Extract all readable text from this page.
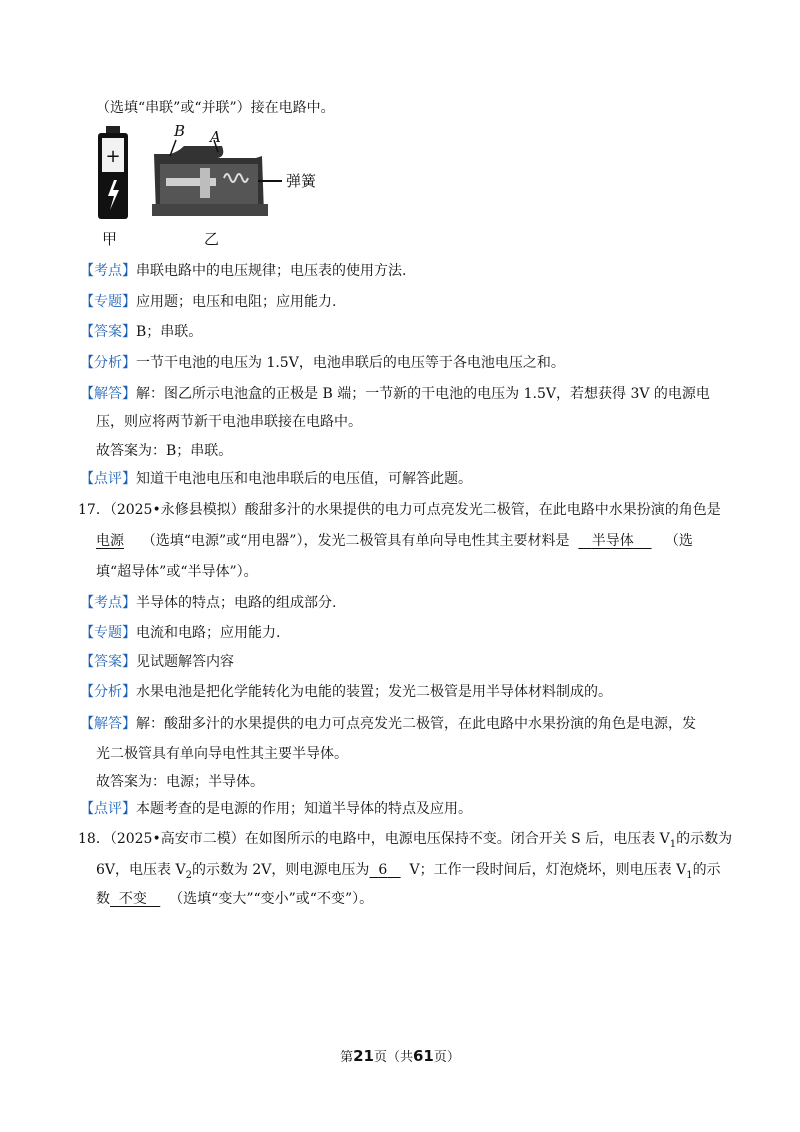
（选填“串联”或“并联”）接在电路中。
+
B A
弹簧
甲	乙
【考点】串联电路中的电压规律；电压表的使用方法.
【专题】应用题；电压和电阻；应用能力.
【答案】B；串联。
【分析】一节干电池的电压为 1.5V，电池串联后的电压等于各电池电压之和。
【解答】解：图乙所示电池盒的正极是 B 端；一节新的干电池的电压为 1.5V，若想获得 3V 的电源电
压，则应将两节新干电池串联接在电路中。
故答案为：B；串联。
【点评】知道干电池电压和电池串联后的电压值，可解答此题。
17．（2025•永修县模拟）酸甜多汁的水果提供的电力可点亮发光二极管，在此电路中水果扮演的角色是
电源 （选填“电源”或“用电器”），发光二极管具有单向导电性其主要材料是 半导体 （选
填“超导体”或“半导体”）。
【考点】半导体的特点；电路的组成部分.
【专题】电流和电路；应用能力.
【答案】见试题解答内容
【分析】水果电池是把化学能转化为电能的装置；发光二极管是用半导体材料制成的。
【解答】解：酸甜多汁的水果提供的电力可点亮发光二极管，在此电路中水果扮演的角色是电源，发
光二极管具有单向导电性其主要半导体。
故答案为：电源；半导体。
【点评】本题考查的是电源的作用；知道半导体的特点及应用。
18．（2025•高安市二模）在如图所示的电路中，电源电压保持不变。闭合开关 S 后，电压表 $V_1$的示数为
6V，电压表 $V_2$的示数为 2V，则电源电压为 6 V；工作一段时间后，灯泡烧坏，则电压表 $V_1$的示
数 不变 （选填“变大”“变小”或“不变”）。
第21页（共61页）
